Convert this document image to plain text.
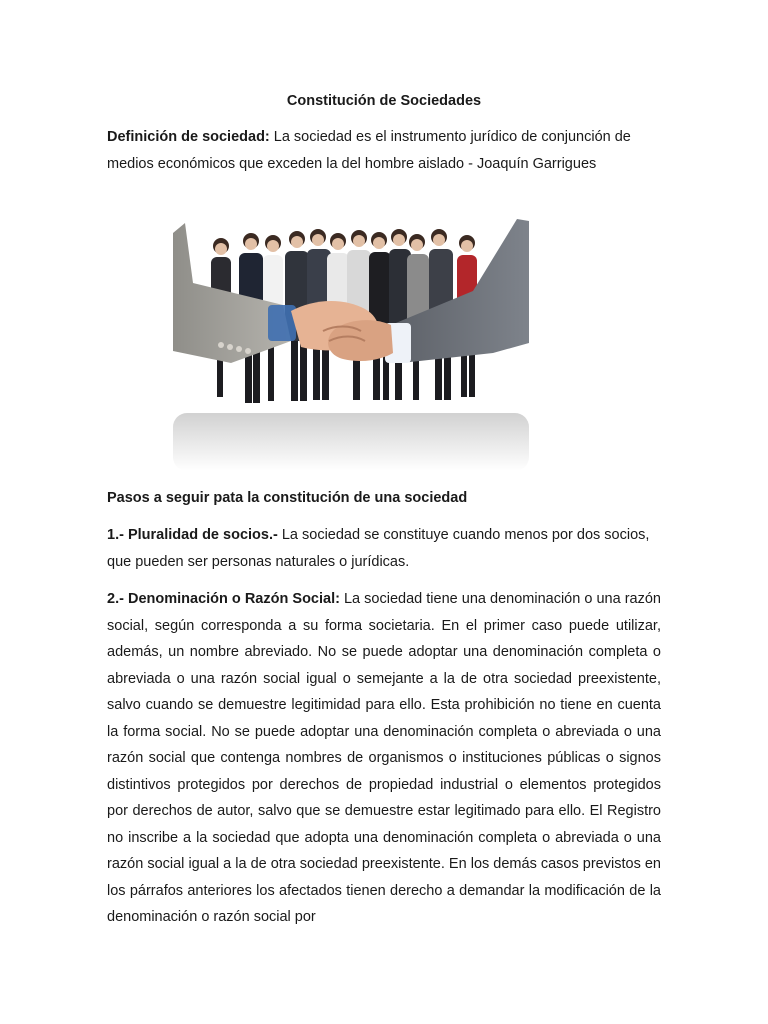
Constitución de Sociedades
Definición de sociedad: La sociedad es el instrumento jurídico de conjunción de medios económicos que exceden la del hombre aislado - Joaquín Garrigues
Pasos a seguir pata la constitución de una sociedad
1.- Pluralidad de socios.- La sociedad se constituye cuando menos por dos socios, que pueden ser personas naturales o jurídicas.
2.- Denominación o Razón Social: La sociedad tiene una denominación o una razón social, según corresponda a su forma societaria. En el primer caso puede utilizar, además, un nombre abreviado. No se puede adoptar una denominación completa o abreviada o una razón social igual o semejante a la de otra sociedad preexistente, salvo cuando se demuestre legitimidad para ello. Esta prohibición no tiene en cuenta la forma social. No se puede adoptar una denominación completa o abreviada o una razón social que contenga nombres de organismos o instituciones públicas o signos distintivos protegidos por derechos de propiedad industrial o elementos protegidos por derechos de autor, salvo que se demuestre estar legitimado para ello. El Registro no inscribe a la sociedad que adopta una denominación completa o abreviada o una razón social igual a la de otra sociedad preexistente. En los demás casos previstos en los párrafos anteriores los afectados tienen derecho a demandar la modificación de la denominación o razón social por
